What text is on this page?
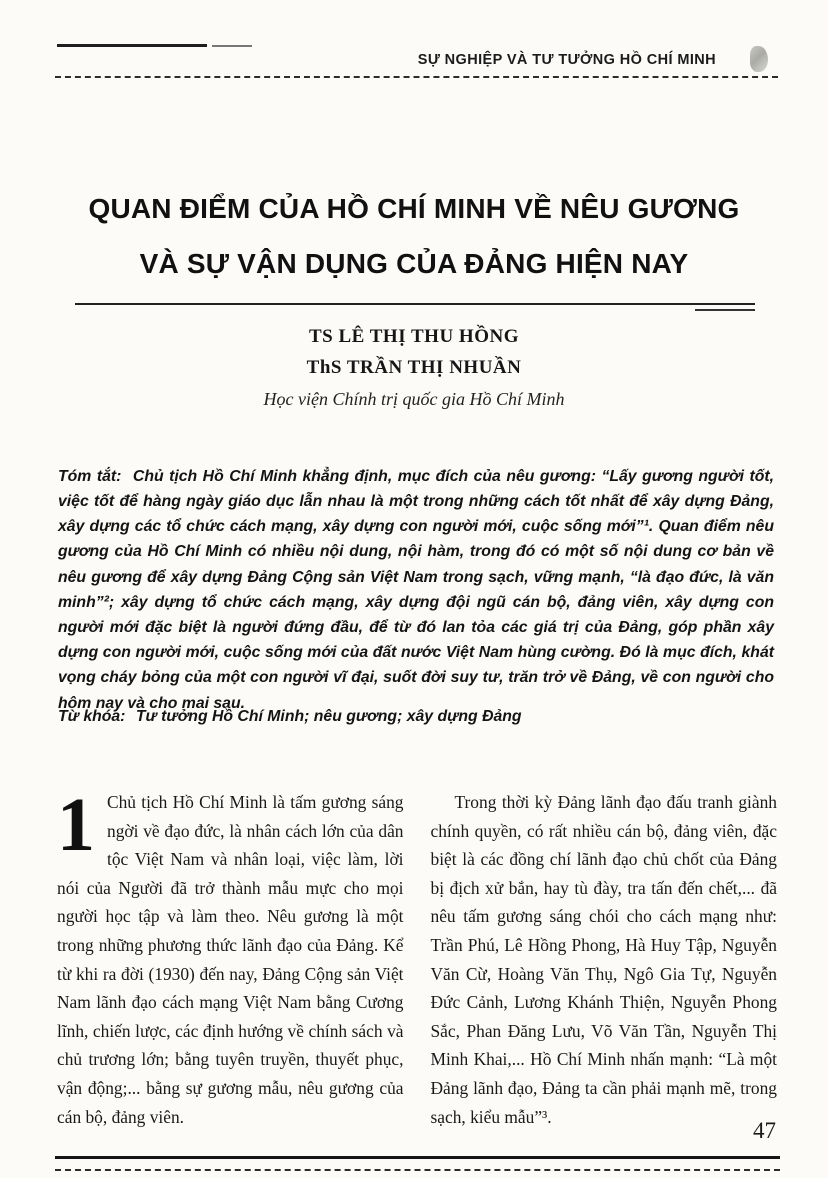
SỰ NGHIỆP VÀ TƯ TƯỞNG HỒ CHÍ MINH
QUAN ĐIỂM CỦA HỒ CHÍ MINH VỀ NÊU GƯƠNG
VÀ SỰ VẬN DỤNG CỦA ĐẢNG HIỆN NAY
TS LÊ THỊ THU HỒNG
ThS TRẦN THỊ NHUẦN
Học viện Chính trị quốc gia Hồ Chí Minh

Tóm tắt: Chủ tịch Hồ Chí Minh khẳng định, mục đích của nêu gương: “Lấy gương người tốt, việc tốt để hàng ngày giáo dục lẫn nhau là một trong những cách tốt nhất để xây dựng Đảng, xây dựng các tổ chức cách mạng, xây dựng con người mới, cuộc sống mới”¹. Quan điểm nêu gương của Hồ Chí Minh có nhiều nội dung, nội hàm, trong đó có một số nội dung cơ bản về nêu gương để xây dựng Đảng Cộng sản Việt Nam trong sạch, vững mạnh, “là đạo đức, là văn minh”²; xây dựng tổ chức cách mạng, xây dựng đội ngũ cán bộ, đảng viên, xây dựng con người mới đặc biệt là người đứng đầu, để từ đó lan tỏa các giá trị của Đảng, góp phần xây dựng con người mới, cuộc sống mới của đất nước Việt Nam hùng cường. Đó là mục đích, khát vọng cháy bỏng của một con người vĩ đại, suốt đời suy tư, trăn trở về Đảng, về con người cho hôm nay và cho mai sau.

Từ khóa: Tư tưởng Hồ Chí Minh; nêu gương; xây dựng Đảng

1 Chủ tịch Hồ Chí Minh là tấm gương sáng ngời về đạo đức, là nhân cách lớn của dân tộc Việt Nam và nhân loại, việc làm, lời nói của Người đã trở thành mẫu mực cho mọi người học tập và làm theo. Nêu gương là một trong những phương thức lãnh đạo của Đảng. Kể từ khi ra đời (1930) đến nay, Đảng Cộng sản Việt Nam lãnh đạo cách mạng Việt Nam bằng Cương lĩnh, chiến lược, các định hướng về chính sách và chủ trương lớn; bằng tuyên truyền, thuyết phục, vận động;... bằng sự gương mẫu, nêu gương của cán bộ, đảng viên.
Trong thời kỳ Đảng lãnh đạo đấu tranh giành chính quyền, có rất nhiều cán bộ, đảng viên, đặc biệt là các đồng chí lãnh đạo chủ chốt của Đảng bị địch xử bắn, hay tù đày, tra tấn đến chết,... đã nêu tấm gương sáng chói cho cách mạng như: Trần Phú, Lê Hồng Phong, Hà Huy Tập, Nguyễn Văn Cừ, Hoàng Văn Thụ, Ngô Gia Tự, Nguyễn Đức Cảnh, Lương Khánh Thiện, Nguyễn Phong Sắc, Phan Đăng Lưu, Võ Văn Tần, Nguyễn Thị Minh Khai,... Hồ Chí Minh nhấn mạnh: “Là một Đảng lãnh đạo, Đảng ta cần phải mạnh mẽ, trong sạch, kiểu mẫu”³.
47
